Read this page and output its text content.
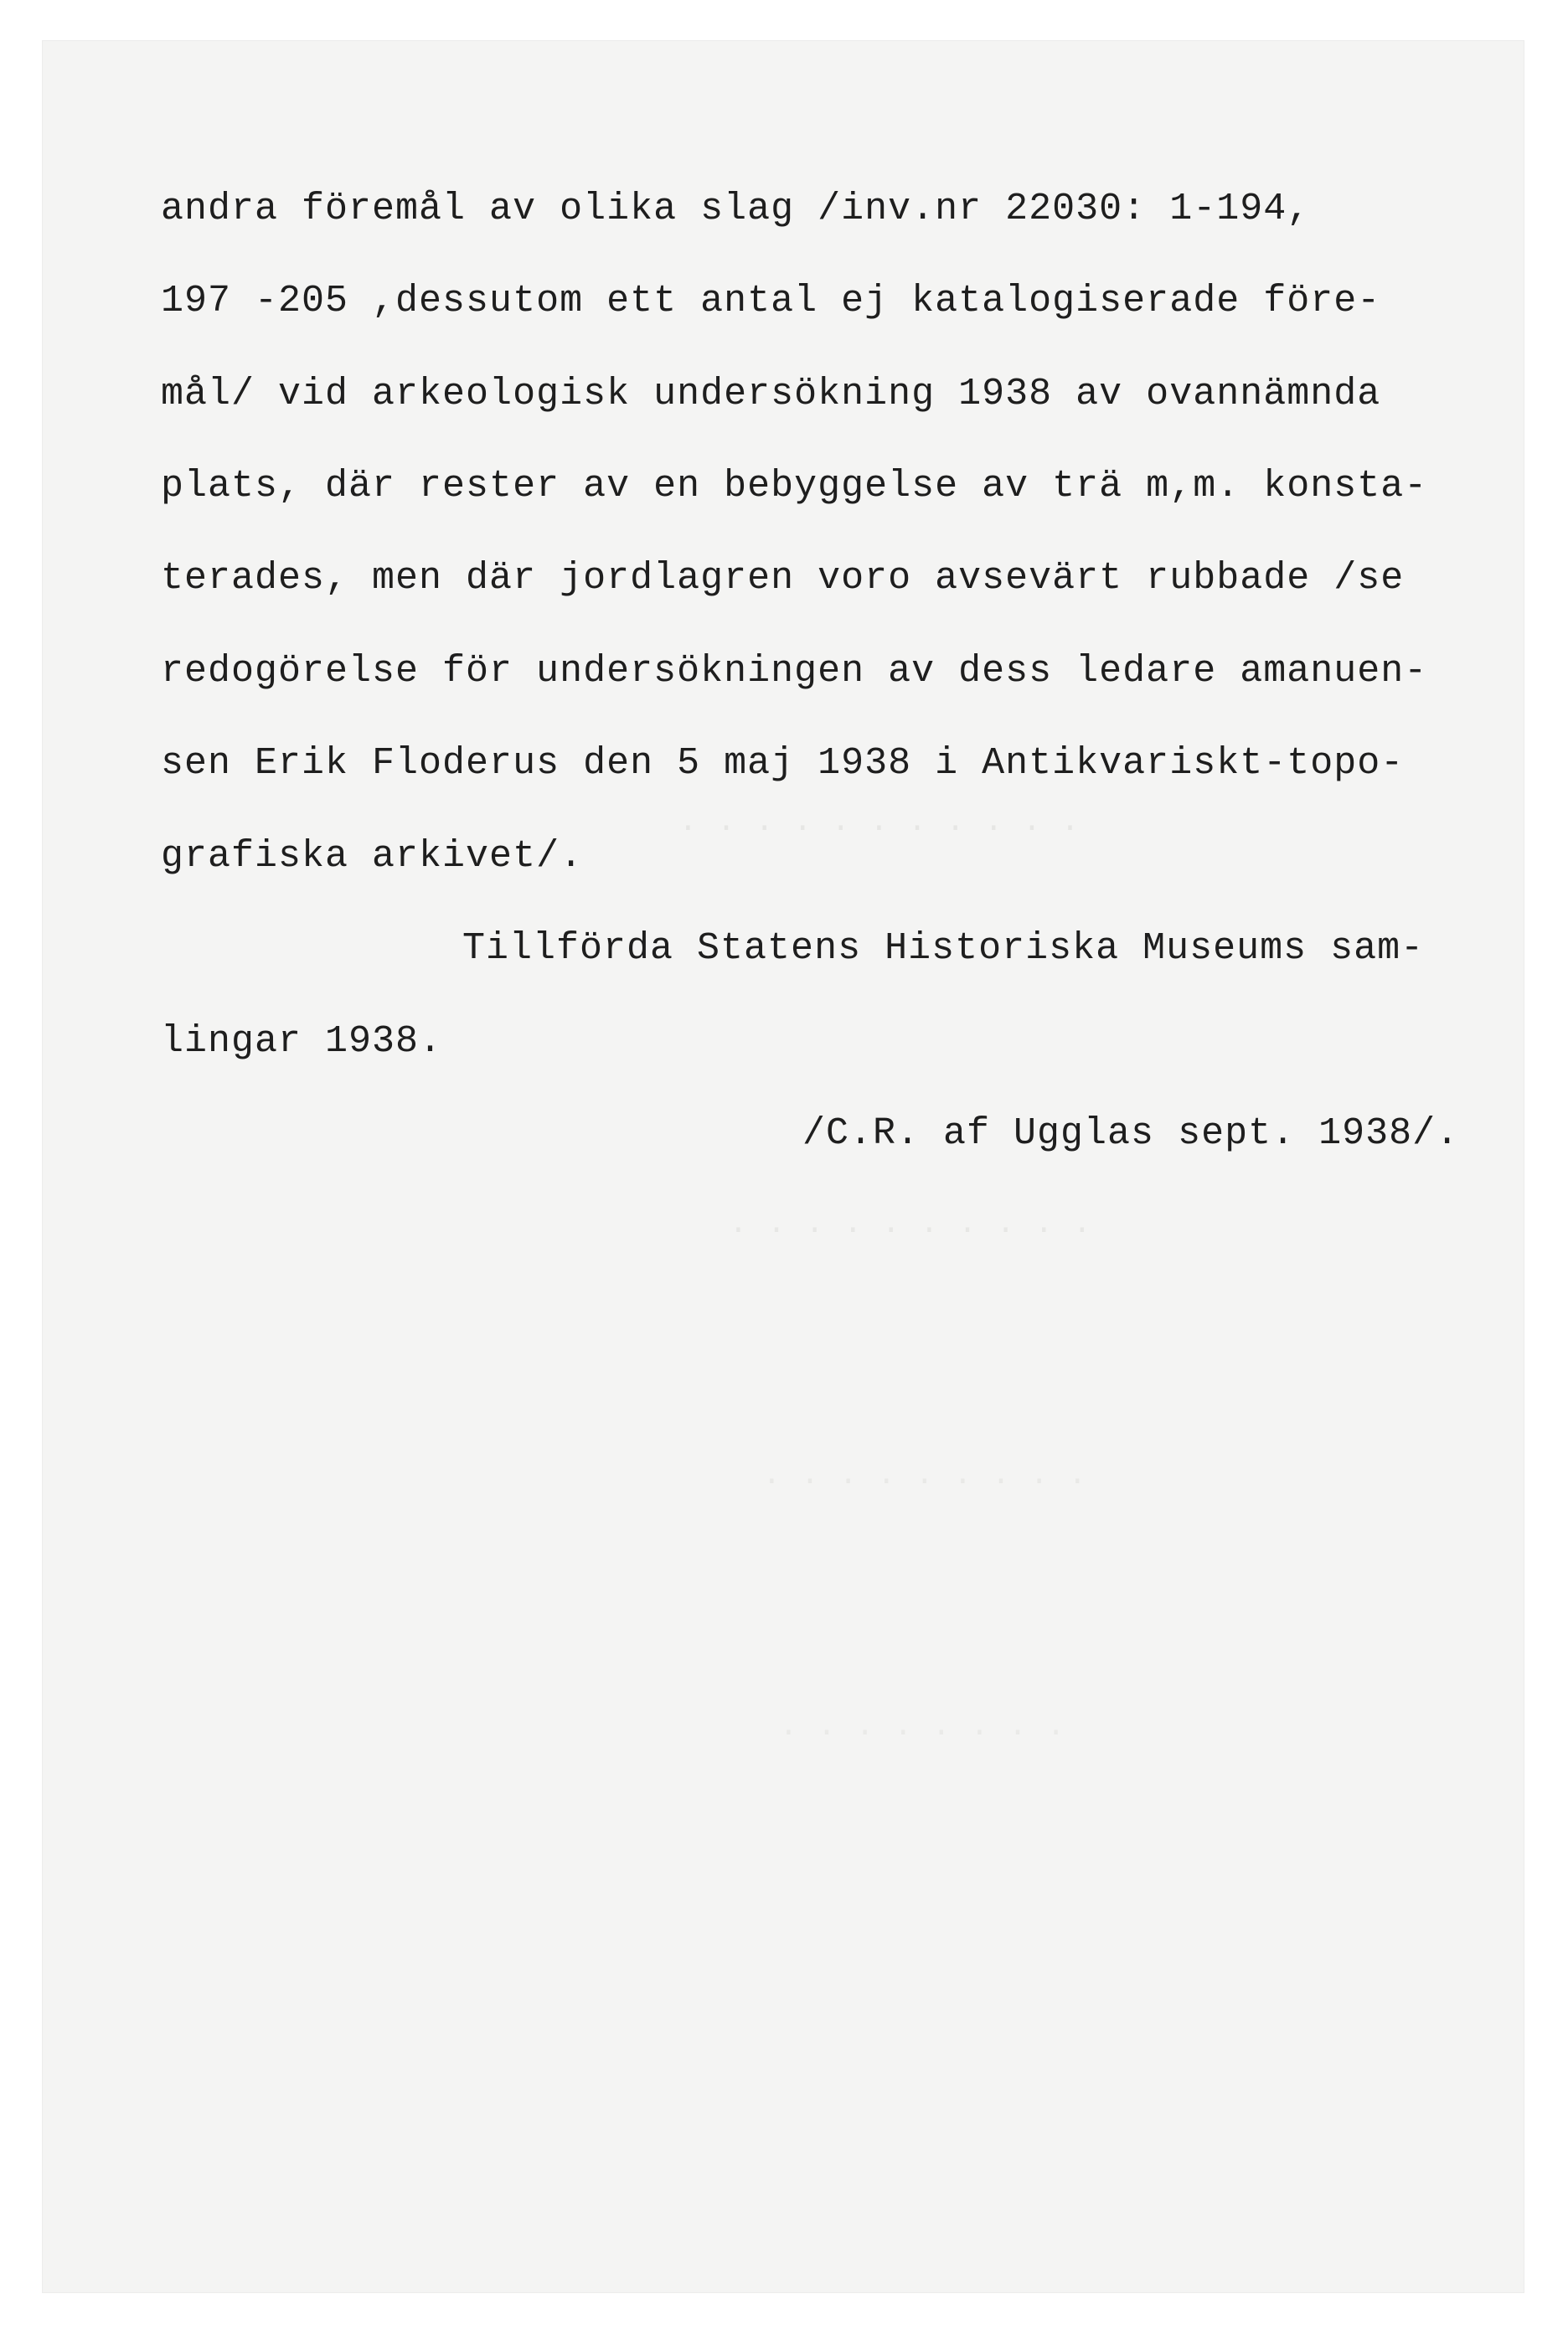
· · · · · · · · · · ·
· · · · · · · · · ·
· · · · · · · · ·
· · · · · · · ·

andra föremål av olika slag /inv.nr 22030: 1-194,

197 -205 ,dessutom ett antal ej katalogiserade före-

mål/ vid arkeologisk undersökning 1938 av ovannämnda

plats, där rester av en bebyggelse av trä m,m. konsta-

terades, men där jordlagren voro avsevärt rubbade /se

redogörelse för undersökningen av dess ledare amanuen-

sen Erik Floderus den 5 maj 1938 i Antikvariskt-topo-

grafiska arkivet/.

Tillförda Statens Historiska Museums sam-

lingar 1938.

/C.R. af Ugglas sept. 1938/.
